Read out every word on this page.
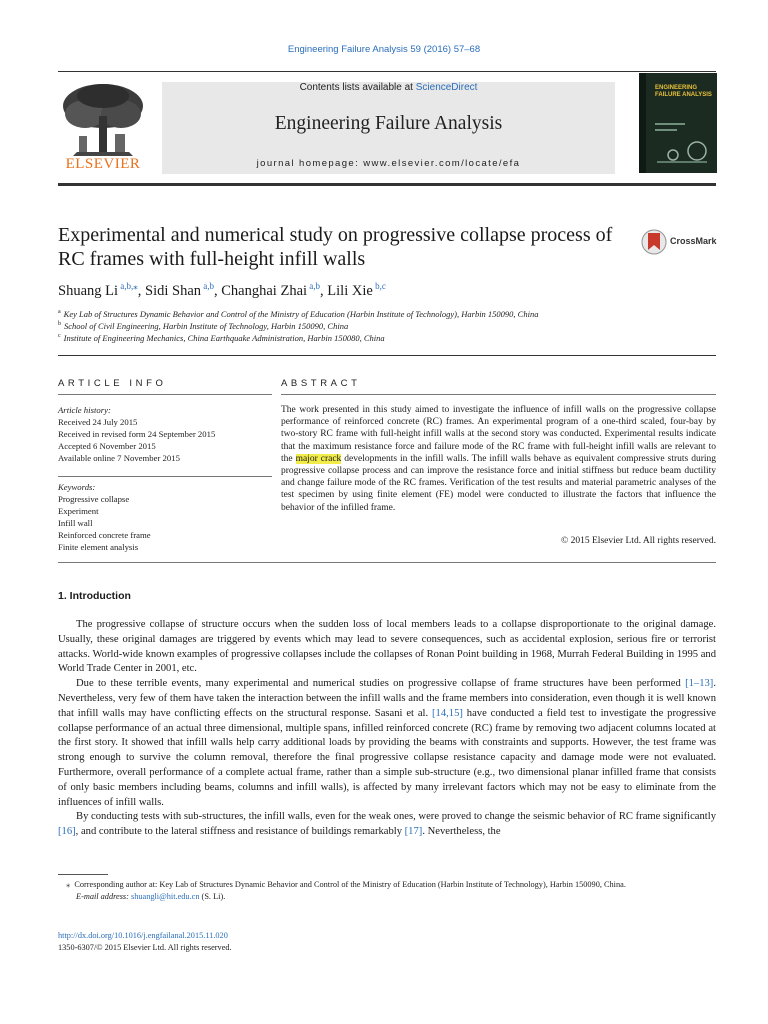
Engineering Failure Analysis 59 (2016) 57–68
ELSEVIER
Contents lists available at ScienceDirect
Engineering Failure Analysis
journal homepage: www.elsevier.com/locate/efa
ENGINEERING FAILURE ANALYSIS
Experimental and numerical study on progressive collapse process of RC frames with full-height infill walls
CrossMark
Shuang Li $^{a,b,⁎}$, Sidi Shan $^{a,b}$, Changhai Zhai $^{a,b}$, Lili Xie $^{b,c}$
$^a$ Key Lab of Structures Dynamic Behavior and Control of the Ministry of Education (Harbin Institute of Technology), Harbin 150090, China
$^b$ School of Civil Engineering, Harbin Institute of Technology, Harbin 150090, China
$^c$ Institute of Engineering Mechanics, China Earthquake Administration, Harbin 150080, China
ARTICLE INFO
Article history:
Received 24 July 2015
Received in revised form 24 September 2015
Accepted 6 November 2015
Available online 7 November 2015
Keywords:
Progressive collapse
Experiment
Infill wall
Reinforced concrete frame
Finite element analysis
ABSTRACT
The work presented in this study aimed to investigate the influence of infill walls on the progressive collapse performance of reinforced concrete (RC) frames. An experimental program of a one-third scaled, four-bay by two-story RC frame with full-height infill walls at the second story was conducted. Experimental results indicate that the maximum resistance force and failure mode of the RC frame with full-height infill walls are relevant to the major crack developments in the infill walls. The infill walls behave as equivalent compressive struts during progressive collapse process and can improve the resistance force and initial stiffness but reduce beam ductility and change failure mode of the RC frames. Verification of the test results and material parametric analyses of the test specimen by using finite element (FE) model were conducted to illustrate the factors that influence the behavior of the infilled frame.
© 2015 Elsevier Ltd. All rights reserved.
1. Introduction

The progressive collapse of structure occurs when the sudden loss of local members leads to a collapse disproportionate to the original damage. Usually, these original damages are triggered by events which may lead to severe consequences, such as accidental explosion, serious fire or terrorist attacks. World-wide known examples of progressive collapses include the collapses of Ronan Point building in 1968, Murrah Federal Building in 1995 and World Trade Center in 2001, etc.

Due to these terrible events, many experimental and numerical studies on progressive collapse of frame structures have been performed [1–13]. Nevertheless, very few of them have taken the interaction between the infill walls and the frame members into consideration, even though it is well known that infill walls may have conflicting effects on the structural response. Sasani et al. [14,15] have conducted a field test to investigate the progressive collapse performance of an actual three dimensional, multiple spans, infilled reinforced concrete (RC) frame by removing two adjacent columns located at the first story. It showed that infill walls help carry additional loads by providing the beams with constraints and supports. However, the test frame was strong enough to survive the column removal, therefore the final progressive collapse resistance capacity and damage mode were not evaluated. Furthermore, overall performance of a complete actual frame, rather than a simple sub-structure (e.g., two dimensional planar infilled frame that consists of only basic members including beams, columns and infill walls), is affected by many irrelevant factors which may not be easy to eliminate from the influences of infill walls.

By conducting tests with sub-structures, the infill walls, even for the weak ones, were proved to change the seismic behavior of RC frame significantly [16], and contribute to the lateral stiffness and resistance of buildings remarkably [17]. Nevertheless, the

⁎ Corresponding author at: Key Lab of Structures Dynamic Behavior and Control of the Ministry of Education (Harbin Institute of Technology), Harbin 150090, China.
E-mail address: shuangli@hit.edu.cn (S. Li).
http://dx.doi.org/10.1016/j.engfailanal.2015.11.020
1350-6307/© 2015 Elsevier Ltd. All rights reserved.
